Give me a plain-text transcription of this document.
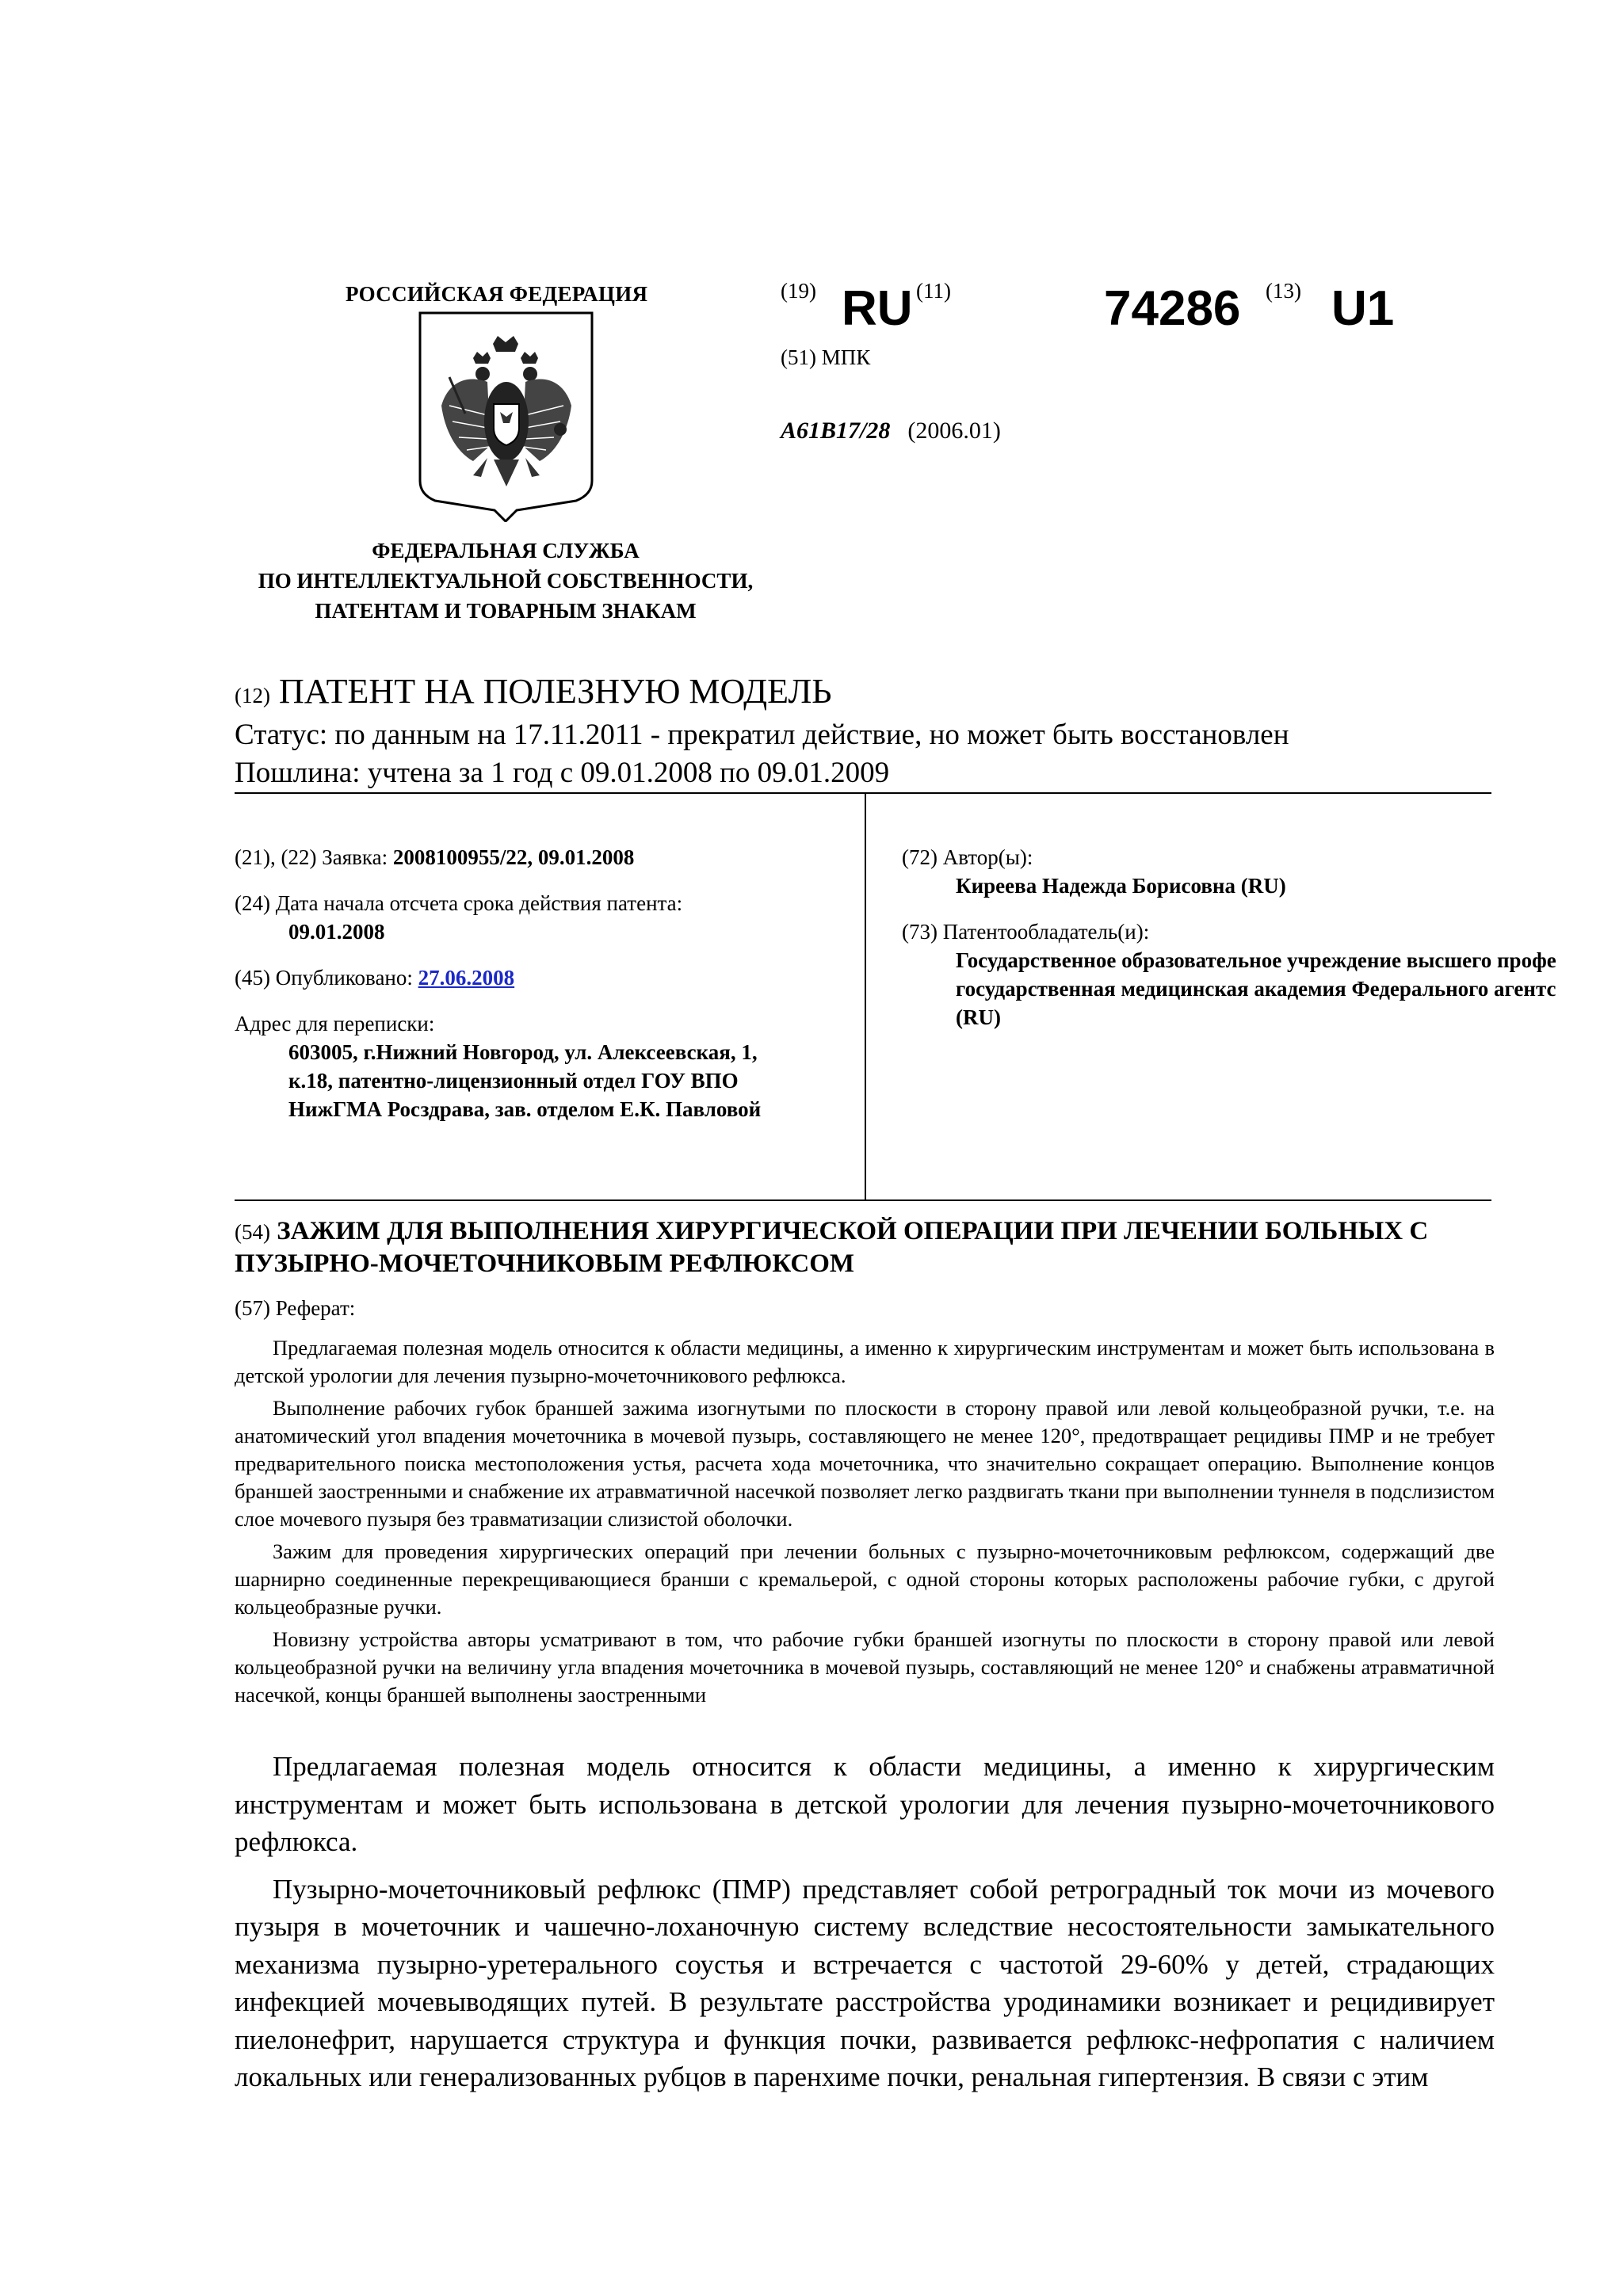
РОССИЙСКАЯ ФЕДЕРАЦИЯ
ФЕДЕРАЛЬНАЯ СЛУЖБА
ПО ИНТЕЛЛЕКТУАЛЬНОЙ СОБСТВЕННОСТИ,
ПАТЕНТАМ И ТОВАРНЫМ ЗНАКАМ
(19) RU (11)	74286 (13) U1
(51) МПК
A61B17/28 (2006.01)
(12) ПАТЕНТ НА ПОЛЕЗНУЮ МОДЕЛЬ
Статус: по данным на 17.11.2011 - прекратил действие, но может быть восстановлен
Пошлина: учтена за 1 год с 09.01.2008 по 09.01.2009
(21), (22) Заявка: 2008100955/22, 09.01.2008
(24) Дата начала отсчета срока действия патента:
09.01.2008
(45) Опубликовано: 27.06.2008
Адрес для переписки:
603005, г.Нижний Новгород, ул. Алексеевская, 1,
к.18, патентно-лицензионный отдел ГОУ ВПО
НижГМА Росздрава, зав. отделом Е.К. Павловой
(72) Автор(ы):
Киреева Надежда Борисовна (RU)
(73) Патентообладатель(и):
Государственное образовательное учреждение высшего профе
государственная медицинская академия Федерального агентс
(RU)
(54) ЗАЖИМ ДЛЯ ВЫПОЛНЕНИЯ ХИРУРГИЧЕСКОЙ ОПЕРАЦИИ ПРИ ЛЕЧЕНИИ БОЛЬНЫХ С ПУЗЫРНО-МОЧЕТОЧНИКОВЫМ РЕФЛЮКСОМ
(57) Реферат:

Предлагаемая полезная модель относится к области медицины, а именно к хирургическим инструментам и может быть использована в детской урологии для лечения пузырно-мочеточникового рефлюкса.

Выполнение рабочих губок браншей зажима изогнутыми по плоскости в сторону правой или левой кольцеобразной ручки, т.е. на анатомический угол впадения мочеточника в мочевой пузырь, составляющего не менее 120°, предотвращает рецидивы ПМР и не требует предварительного поиска местоположения устья, расчета хода мочеточника, что значительно сокращает операцию. Выполнение концов браншей заостренными и снабжение их атравматичной насечкой позволяет легко раздвигать ткани при выполнении туннеля в подслизистом слое мочевого пузыря без травматизации слизистой оболочки.

Зажим для проведения хирургических операций при лечении больных с пузырно-мочеточниковым рефлюксом, содержащий две шарнирно соединенные перекрещивающиеся бранши с кремальерой, с одной стороны которых расположены рабочие губки, с другой кольцеобразные ручки.

Новизну устройства авторы усматривают в том, что рабочие губки браншей изогнуты по плоскости в сторону правой или левой кольцеобразной ручки на величину угла впадения мочеточника в мочевой пузырь, составляющий не менее 120° и снабжены атравматичной насечкой, концы браншей выполнены заостренными

Предлагаемая полезная модель относится к области медицины, а именно к хирургическим инструментам и может быть использована в детской урологии для лечения пузырно-мочеточникового рефлюкса.

Пузырно-мочеточниковый рефлюкс (ПМР) представляет собой ретроградный ток мочи из мочевого пузыря в мочеточник и чашечно-лоханочную систему вследствие несостоятельности замыкательного механизма пузырно-уретерального соустья и встречается с частотой 29-60% у детей, страдающих инфекцией мочевыводящих путей. В результате расстройства уродинамики возникает и рецидивирует пиелонефрит, нарушается структура и функция почки, развивается рефлюкс-нефропатия с наличием локальных или генерализованных рубцов в паренхиме почки, ренальная гипертензия. В связи с этим
